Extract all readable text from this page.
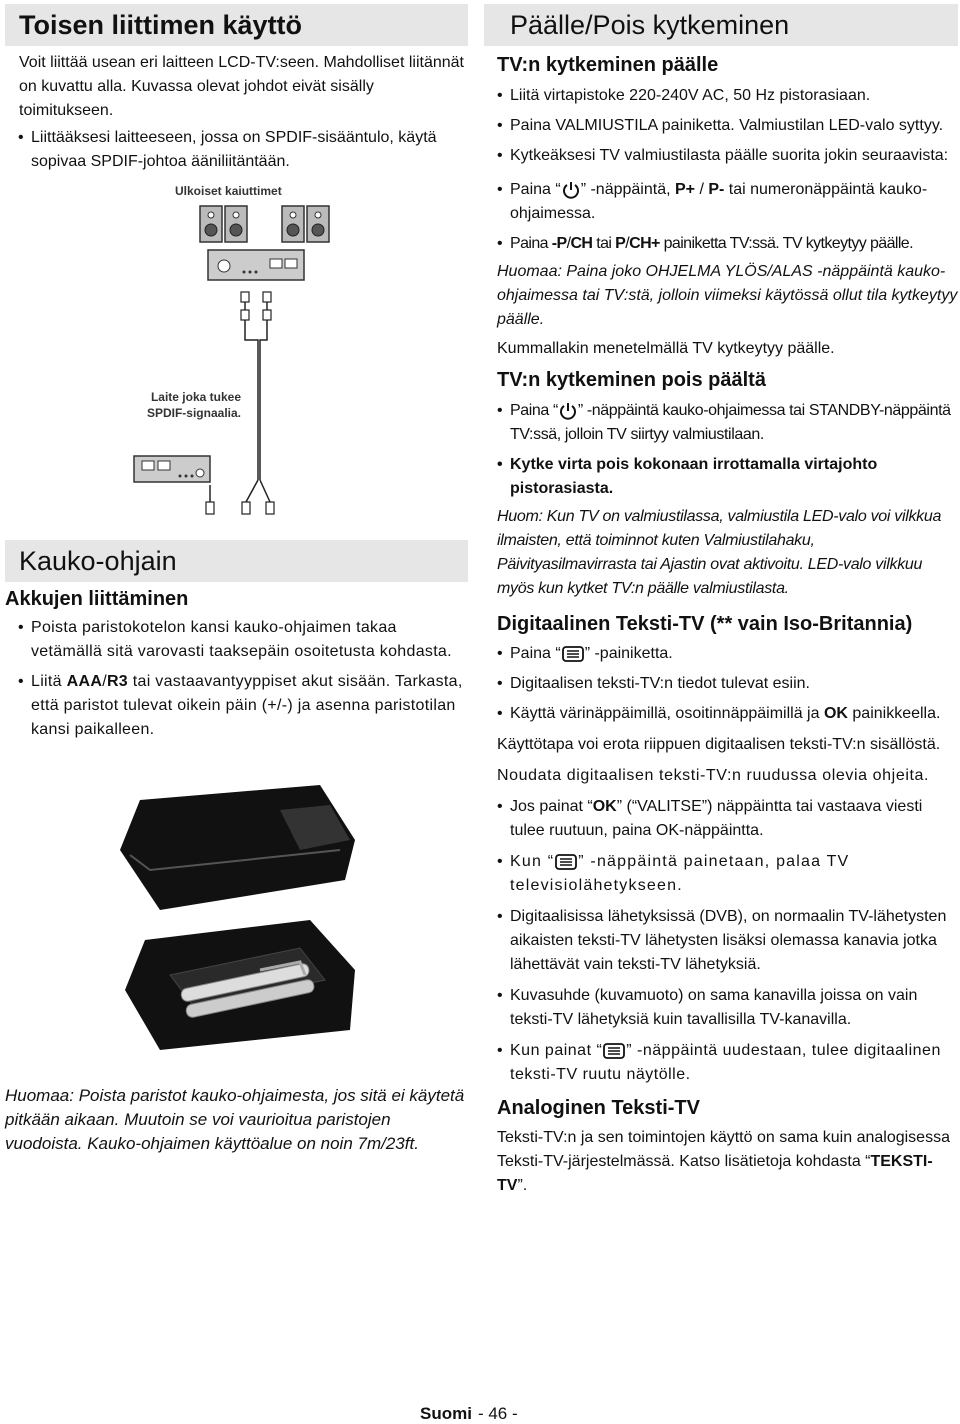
Toisen liittimen käyttö

Voit liittää usean eri laitteen LCD-TV:seen. Mahdolliset liitännät on kuvattu alla. Kuvassa olevat johdot eivät sisälly toimitukseen.

• Liittääksesi laitteeseen, jossa on SPDIF-sisääntulo, käytä sopivaa SPDIF-johtoa ääniliitäntään.
Ulkoiset kaiuttimet
Laite joka tukee
SPDIF-signaalia.
Kauko-ohjain
Akkujen liittäminen
• Poista paristokotelon kansi kauko-ohjaimen takaa vetämällä sitä varovasti taaksepäin osoitetusta kohdasta.
• Liitä AAA/R3 tai vastaavantyyppiset akut sisään. Tarkasta, että paristot tulevat oikein päin (+/-) ja asenna paristotilan kansi paikalleen.

Huomaa: Poista paristot kauko-ohjaimesta, jos sitä ei käytetä pitkään aikaan. Muutoin se voi vaurioitua paristojen vuodoista. Kauko-ohjaimen käyttöalue on noin 7m/23ft.

Päälle/Pois kytkeminen
TV:n kytkeminen päälle
• Liitä virtapistoke 220-240V AC, 50 Hz pistorasiaan.
• Paina VALMIUSTILA painiketta. Valmiustilan LED-valo syttyy.
• Kytkeäksesi TV valmiustilasta päälle suorita jokin seuraavista:
• Paina “ ” -näppäintä, P+ / P- tai numeronäppäintä kauko-ohjaimessa.
• Paina -P/CH tai P/CH+ painiketta TV:ssä. TV kytkeytyy päälle.

Huomaa: Paina joko OHJELMA YLÖS/ALAS -näppäintä kauko-ohjaimessa tai TV:stä, jolloin viimeksi käytössä ollut tila kytkeytyy päälle.

Kummallakin menetelmällä TV kytkeytyy päälle.

TV:n kytkeminen pois päältä
• Paina “ ” -näppäintä kauko-ohjaimessa tai STANDBY-näppäintä TV:ssä, jolloin TV siirtyy valmiustilaan.
• Kytke virta pois kokonaan irrottamalla virtajohto pistorasiasta.

Huom: Kun TV on valmiustilassa, valmiustila LED-valo voi vilkkua ilmaisten, että toiminnot kuten Valmiustilahaku, Päivityasilmavirrasta tai Ajastin ovat aktivoitu. LED-valo vilkkuu myös kun kytket TV:n päälle valmiustilasta.

Digitaalinen Teksti-TV (** vain Iso-Britannia)
• Paina “ ” -painiketta.
• Digitaalisen teksti-TV:n tiedot tulevat esiin.
• Käyttä värinäppäimillä, osoitinnäppäimillä ja OK painikkeella.

Käyttötapa voi erota riippuen digitaalisen teksti-TV:n sisällöstä.

Noudata digitaalisen teksti-TV:n ruudussa olevia ohjeita.

• Jos painat “OK” (“VALITSE”) näppäintta tai vastaava viesti tulee ruutuun, paina OK-näppäintta.
• Kun “ ” -näppäintä painetaan, palaa TV televisiolähetykseen.
• Digitaalisissa lähetyksissä (DVB), on normaalin TV-lähetysten aikaisten teksti-TV lähetysten lisäksi olemassa kanavia jotka lähettävät vain teksti-TV lähetyksiä.
• Kuvasuhde (kuvamuoto) on sama kanavilla joissa on vain teksti-TV lähetyksiä kuin tavallisilla TV-kanavilla.
• Kun painat “ ” -näppäintä uudestaan, tulee digitaalinen teksti-TV ruutu näytölle.
Analoginen Teksti-TV

Teksti-TV:n ja sen toimintojen käyttö on sama kuin analogisessa Teksti-TV-järjestelmässä. Katso lisätietoja kohdasta “TEKSTI-TV”.

Suomi - 46 -
